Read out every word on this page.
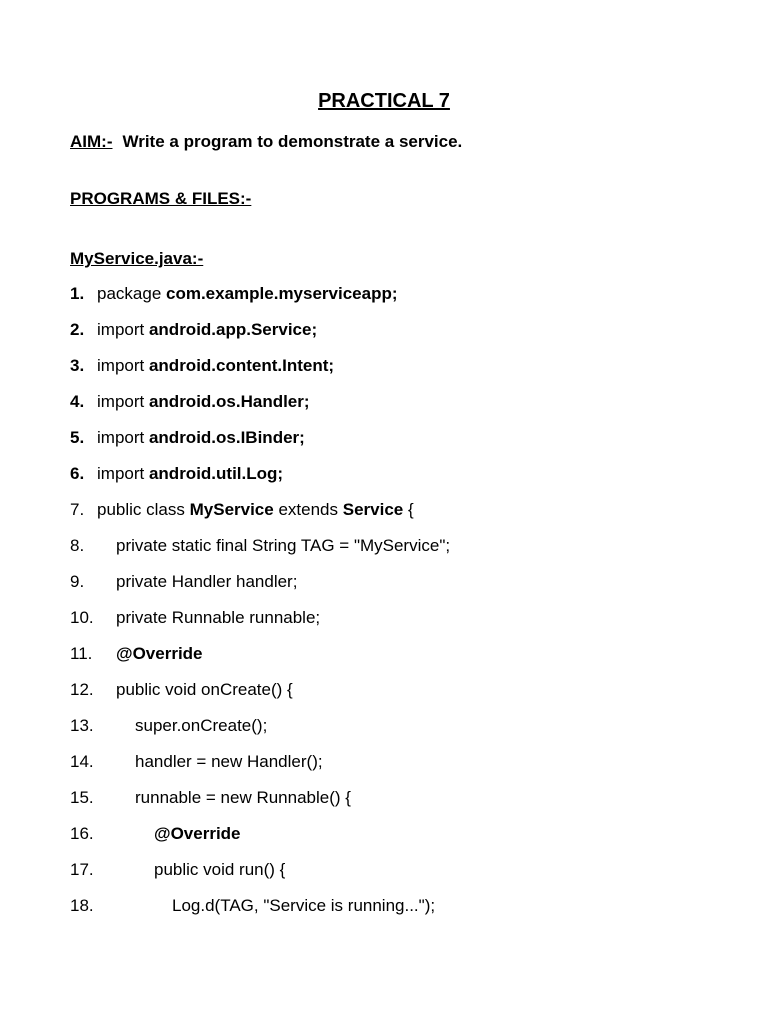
PRACTICAL 7
AIM:- Write a program to demonstrate a service.
PROGRAMS & FILES:-
MyService.java:-
1. package com.example.myserviceapp;
2. import android.app.Service;
3. import android.content.Intent;
4. import android.os.Handler;
5. import android.os.IBinder;
6. import android.util.Log;
7. public class MyService extends Service {
8. private static final String TAG = "MyService";
9. private Handler handler;
10. private Runnable runnable;
11. @Override
12. public void onCreate() {
13. super.onCreate();
14. handler = new Handler();
15. runnable = new Runnable() {
16.	@Override
17.	public void run() {
18.	Log.d(TAG, "Service is running...");
